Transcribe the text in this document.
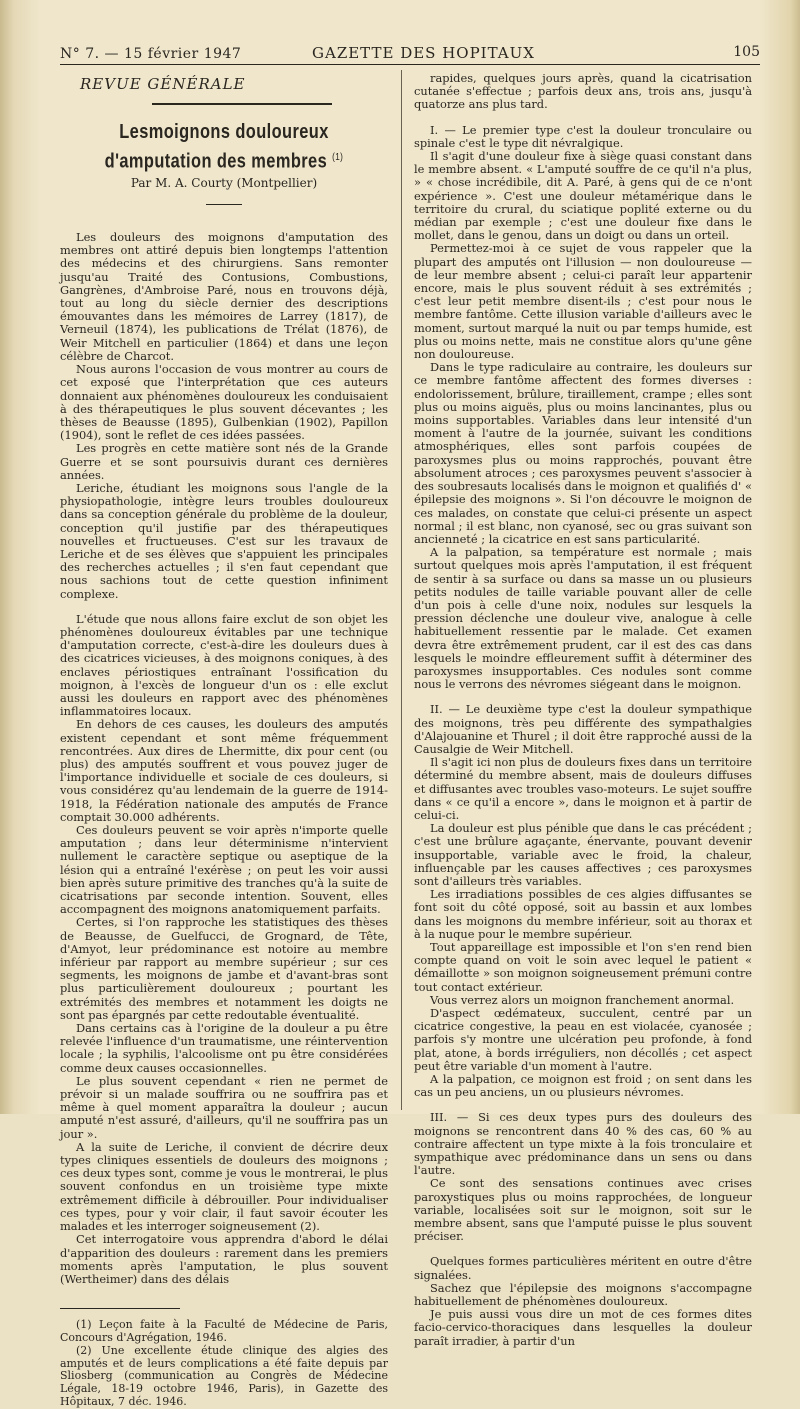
N° 7. — 15 février 1947	GAZETTE DES HOPITAUX	105
REVUE GÉNÉRALE
Lesmoignons douloureux
d'amputation des membres $^{(1)}$
Par M. A. Courty (Montpellier)

Les douleurs des moignons d'amputation des membres ont attiré depuis bien longtemps l'attention des médecins et des chirurgiens. Sans remonter jusqu'au Traité des Contusions, Combustions, Gangrènes, d'Ambroise Paré, nous en trouvons déjà, tout au long du siècle dernier des descriptions émouvantes dans les mémoires de Larrey (1817), de Verneuil (1874), les publications de Trélat (1876), de Weir Mitchell en particulier (1864) et dans une leçon célèbre de Charcot.

Nous aurons l'occasion de vous montrer au cours de cet exposé que l'interprétation que ces auteurs donnaient aux phénomènes douloureux les conduisaient à des thérapeutiques le plus souvent décevantes ; les thèses de Beausse (1895), Gulbenkian (1902), Papillon (1904), sont le reflet de ces idées passées.

Les progrès en cette matière sont nés de la Grande Guerre et se sont poursuivis durant ces dernières années.

Leriche, étudiant les moignons sous l'angle de la physiopathologie, intègre leurs troubles douloureux dans sa conception générale du problème de la douleur, conception qu'il justifie par des thérapeutiques nouvelles et fructueuses. C'est sur les travaux de Leriche et de ses élèves que s'appuient les principales des recherches actuelles ; il s'en faut cependant que nous sachions tout de cette question infiniment complexe.

L'étude que nous allons faire exclut de son objet les phénomènes douloureux évitables par une technique d'amputation correcte, c'est-à-dire les douleurs dues à des cicatrices vicieuses, à des moignons coniques, à des enclaves périostiques entraînant l'ossification du moignon, à l'excès de longueur d'un os : elle exclut aussi les douleurs en rapport avec des phénomènes inflammatoires locaux.

En dehors de ces causes, les douleurs des amputés existent cependant et sont même fréquemment rencontrées. Aux dires de Lhermitte, dix pour cent (ou plus) des amputés souffrent et vous pouvez juger de l'importance individuelle et sociale de ces douleurs, si vous considérez qu'au lendemain de la guerre de 1914-1918, la Fédération nationale des amputés de France comptait 30.000 adhérents.

Ces douleurs peuvent se voir après n'importe quelle amputation ; dans leur déterminisme n'intervient nullement le caractère septique ou aseptique de la lésion qui a entraîné l'exérèse ; on peut les voir aussi bien après suture primitive des tranches qu'à la suite de cicatrisations par seconde intention. Souvent, elles accompagnent des moignons anatomiquement parfaits.

Certes, si l'on rapproche les statistiques des thèses de Beausse, de Guelfucci, de Grognard, de Tête, d'Amyot, leur prédominance est notoire au membre inférieur par rapport au membre supérieur ; sur ces segments, les moignons de jambe et d'avant-bras sont plus particulièrement douloureux ; pourtant les extrémités des membres et notamment les doigts ne sont pas épargnés par cette redoutable éventualité.

Dans certains cas à l'origine de la douleur a pu être relevée l'influence d'un traumatisme, une réintervention locale ; la syphilis, l'alcoolisme ont pu être considérées comme deux causes occasionnelles.

Le plus souvent cependant « rien ne permet de prévoir si un malade souffrira ou ne souffrira pas et même à quel moment apparaîtra la douleur ; aucun amputé n'est assuré, d'ailleurs, qu'il ne souffrira pas un jour ».

A la suite de Leriche, il convient de décrire deux types cliniques essentiels de douleurs des moignons ; ces deux types sont, comme je vous le montrerai, le plus souvent confondus en un troisième type mixte extrêmement difficile à débrouiller. Pour individualiser ces types, pour y voir clair, il faut savoir écouter les malades et les interroger soigneusement (2).

Cet interrogatoire vous apprendra d'abord le délai d'apparition des douleurs : rarement dans les premiers moments après l'amputation, le plus souvent (Wertheimer) dans des délais

(1) Leçon faite à la Faculté de Médecine de Paris, Concours d'Agrégation, 1946.

(2) Une excellente étude clinique des algies des amputés et de leurs complications a été faite depuis par Sliosberg (communication au Congrès de Médecine Légale, 18-19 octobre 1946, Paris), in Gazette des Hôpitaux, 7 déc. 1946.

rapides, quelques jours après, quand la cicatrisation cutanée s'effectue ; parfois deux ans, trois ans, jusqu'à quatorze ans plus tard.

I. — Le premier type c'est la douleur tronculaire ou spinale c'est le type dit névralgique.

Il s'agit d'une douleur fixe à siège quasi constant dans le membre absent. « L'amputé souffre de ce qu'il n'a plus, » « chose incrédibile, dit A. Paré, à gens qui de ce n'ont expérience ». C'est une douleur métamérique dans le territoire du crural, du sciatique poplité externe ou du médian par exemple ; c'est une douleur fixe dans le mollet, dans le genou, dans un doigt ou dans un orteil.

Permettez-moi à ce sujet de vous rappeler que la plupart des amputés ont l'illusion — non douloureuse — de leur membre absent ; celui-ci paraît leur appartenir encore, mais le plus souvent réduit à ses extrémités ; c'est leur petit membre disent-ils ; c'est pour nous le membre fantôme. Cette illusion variable d'ailleurs avec le moment, surtout marqué la nuit ou par temps humide, est plus ou moins nette, mais ne constitue alors qu'une gêne non douloureuse.

Dans le type radiculaire au contraire, les douleurs sur ce membre fantôme affectent des formes diverses : endolorissement, brûlure, tiraillement, crampe ; elles sont plus ou moins aiguës, plus ou moins lancinantes, plus ou moins supportables. Variables dans leur intensité d'un moment à l'autre de la journée, suivant les conditions atmosphériques, elles sont parfois coupées de paroxysmes plus ou moins rapprochés, pouvant être absolument atroces ; ces paroxysmes peuvent s'associer à des soubresauts localisés dans le moignon et qualifiés d' « épilepsie des moignons ». Si l'on découvre le moignon de ces malades, on constate que celui-ci présente un aspect normal ; il est blanc, non cyanosé, sec ou gras suivant son ancienneté ; la cicatrice en est sans particularité.

A la palpation, sa température est normale ; mais surtout quelques mois après l'amputation, il est fréquent de sentir à sa surface ou dans sa masse un ou plusieurs petits nodules de taille variable pouvant aller de celle d'un pois à celle d'une noix, nodules sur lesquels la pression déclenche une douleur vive, analogue à celle habituellement ressentie par le malade. Cet examen devra être extrêmement prudent, car il est des cas dans lesquels le moindre effleurement suffit à déterminer des paroxysmes insupportables. Ces nodules sont comme nous le verrons des névromes siégeant dans le moignon.

II. — Le deuxième type c'est la douleur sympathique des moignons, très peu différente des sympathalgies d'Alajouanine et Thurel ; il doit être rapproché aussi de la Causalgie de Weir Mitchell.

Il s'agit ici non plus de douleurs fixes dans un territoire déterminé du membre absent, mais de douleurs diffuses et diffusantes avec troubles vaso-moteurs. Le sujet souffre dans « ce qu'il a encore », dans le moignon et à partir de celui-ci.

La douleur est plus pénible que dans le cas précédent ; c'est une brûlure agaçante, énervante, pouvant devenir insupportable, variable avec le froid, la chaleur, influençable par les causes affectives ; ces paroxysmes sont d'ailleurs très variables.

Les irradiations possibles de ces algies diffusantes se font soit du côté opposé, soit au bassin et aux lombes dans les moignons du membre inférieur, soit au thorax et à la nuque pour le membre supérieur.

Tout appareillage est impossible et l'on s'en rend bien compte quand on voit le soin avec lequel le patient « démaillotte » son moignon soigneusement prémuni contre tout contact extérieur.

Vous verrez alors un moignon franchement anormal.

D'aspect œdémateux, succulent, centré par un cicatrice congestive, la peau en est violacée, cyanosée ; parfois s'y montre une ulcération peu profonde, à fond plat, atone, à bords irréguliers, non décollés ; cet aspect peut être variable d'un moment à l'autre.

A la palpation, ce moignon est froid ; on sent dans les cas un peu anciens, un ou plusieurs névromes.

III. — Si ces deux types purs des douleurs des moignons se rencontrent dans 40 % des cas, 60 % au contraire affectent un type mixte à la fois tronculaire et sympathique avec prédominance dans un sens ou dans l'autre.

Ce sont des sensations continues avec crises paroxystiques plus ou moins rapprochées, de longueur variable, localisées soit sur le moignon, soit sur le membre absent, sans que l'amputé puisse le plus souvent préciser.

Quelques formes particulières méritent en outre d'être signalées.

Sachez que l'épilepsie des moignons s'accompagne habituellement de phénomènes douloureux.

Je puis aussi vous dire un mot de ces formes dites facio-cervico-thoraciques dans lesquelles la douleur paraît irradier, à partir d'un
